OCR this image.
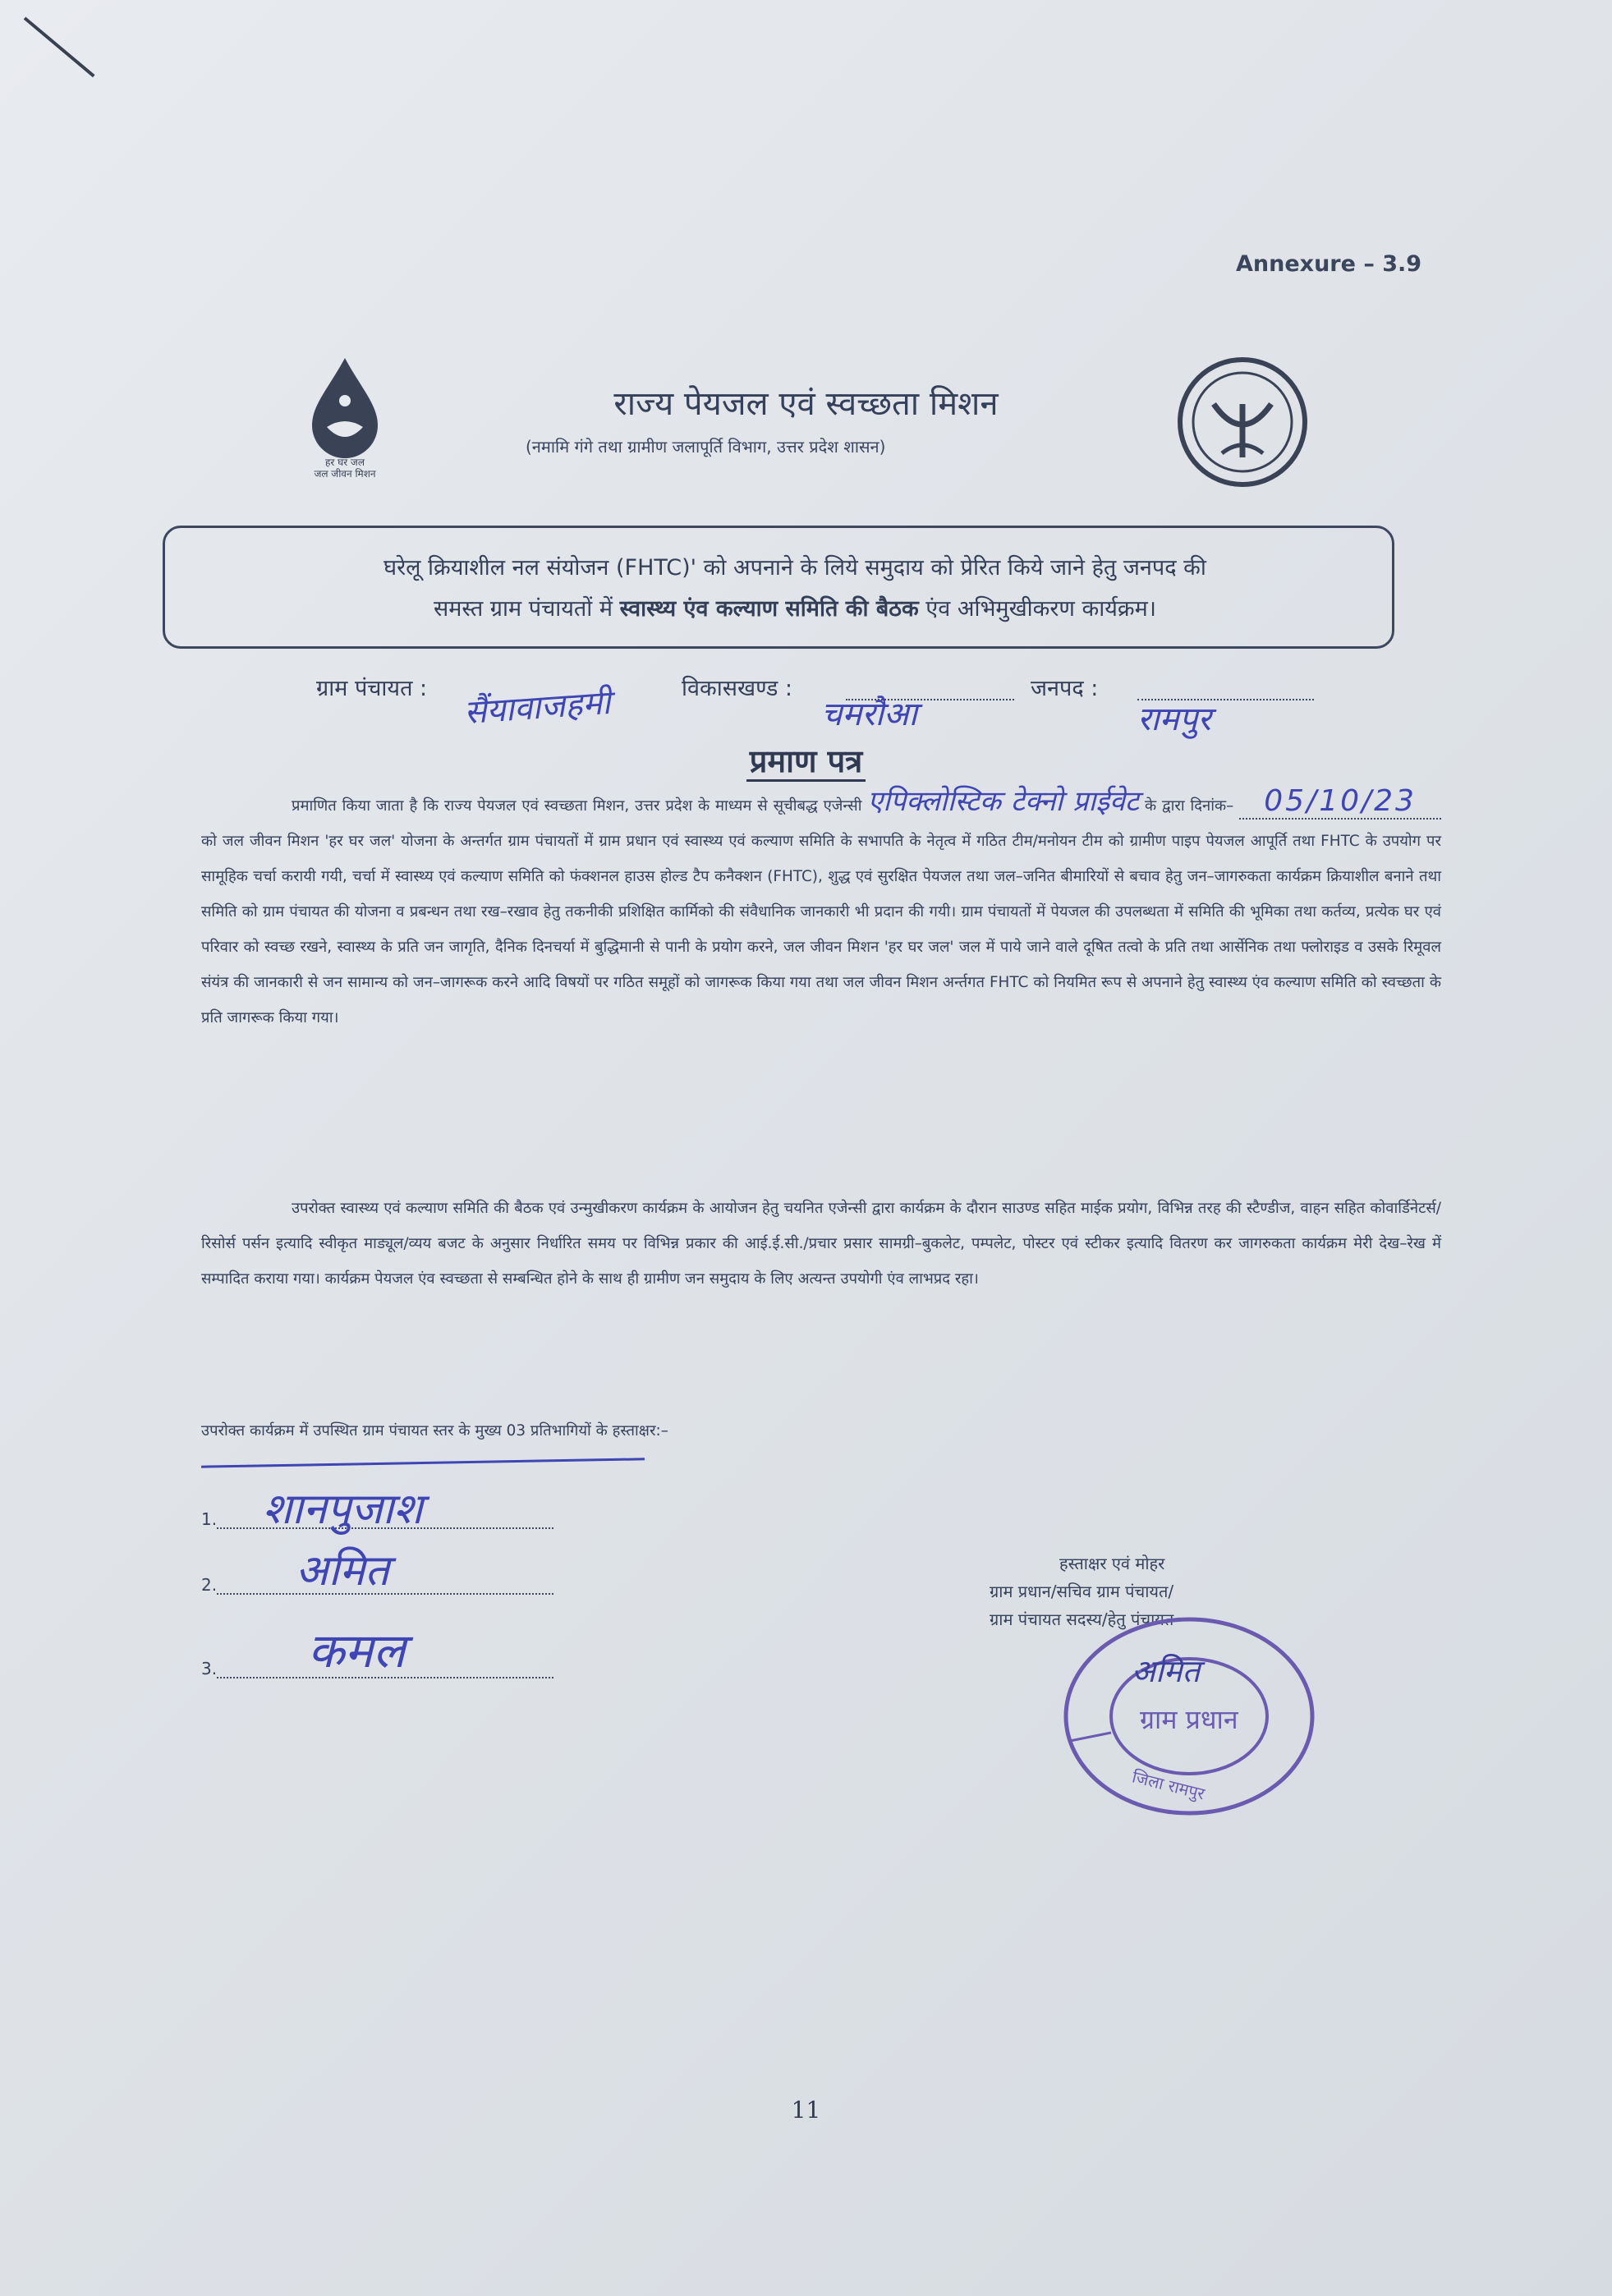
Annexure – 3.9
हर घर जल
जल जीवन मिशन
राज्य पेयजल एवं स्वच्छता मिशन
(नमामि गंगे तथा ग्रामीण जलापूर्ति विभाग, उत्तर प्रदेश शासन)
घरेलू क्रियाशील नल संयोजन (FHTC)' को अपनाने के लिये समुदाय को प्रेरित किये जाने हेतु जनपद की
समस्त ग्राम पंचायतों में स्वास्थ्य एंव कल्याण समिति की बैठक एंव अभिमुखीकरण कार्यक्रम।
ग्राम पंचायत :	विकासखण्ड :	जनपद :
सैंयावाजहमी	चमरौआ	रामपुर
प्रमाण पत्र
प्रमाणित किया जाता है कि राज्य पेयजल एवं स्वच्छता मिशन, उत्तर प्रदेश के माध्यम से सूचीबद्ध एजेन्सी एपिक्लोस्टिक टेक्नो प्राईवेट के द्वारा दिनांक– 05/10/23 को जल जीवन मिशन 'हर घर जल' योजना के अन्तर्गत ग्राम पंचायतों में ग्राम प्रधान एवं स्वास्थ्य एवं कल्याण समिति के सभापति के नेतृत्व में गठित टीम/मनोयन टीम को ग्रामीण पाइप पेयजल आपूर्ति तथा FHTC के उपयोग पर सामूहिक चर्चा करायी गयी, चर्चा में स्वास्थ्य एवं कल्याण समिति को फंक्शनल हाउस होल्ड टैप कनैक्शन (FHTC), शुद्ध एवं सुरक्षित पेयजल तथा जल–जनित बीमारियों से बचाव हेतु जन–जागरुकता कार्यक्रम क्रियाशील बनाने तथा समिति को ग्राम पंचायत की योजना व प्रबन्धन तथा रख–रखाव हेतु तकनीकी प्रशिक्षित कार्मिको की संवैधानिक जानकारी भी प्रदान की गयी। ग्राम पंचायतों में पेयजल की उपलब्धता में समिति की भूमिका तथा कर्तव्य, प्रत्येक घर एवं परिवार को स्वच्छ रखने, स्वास्थ्य के प्रति जन जागृति, दैनिक दिनचर्या में बुद्धिमानी से पानी के प्रयोग करने, जल जीवन मिशन 'हर घर जल' जल में पाये जाने वाले दूषित तत्वो के प्रति तथा आर्सेनिक तथा फ्लोराइड व उसके रिमूवल संयंत्र की जानकारी से जन सामान्य को जन–जागरूक करने आदि विषयों पर गठित समूहों को जागरूक किया गया तथा जल जीवन मिशन अर्न्तगत FHTC को नियमित रूप से अपनाने हेतु स्वास्थ्य एंव कल्याण समिति को स्वच्छता के प्रति जागरूक किया गया।
उपरोक्त स्वास्थ्य एवं कल्याण समिति की बैठक एवं उन्मुखीकरण कार्यक्रम के आयोजन हेतु चयनित एजेन्सी द्वारा कार्यक्रम के दौरान साउण्ड सहित माईक प्रयोग, विभिन्न तरह की स्टैण्डीज, वाहन सहित कोवार्डिनेटर्स/रिसोर्स पर्सन इत्यादि स्वीकृत माड्यूल/व्यय बजट के अनुसार निर्धारित समय पर विभिन्न प्रकार की आई.ई.सी./प्रचार प्रसार सामग्री–बुकलेट, पम्पलेट, पोस्टर एवं स्टीकर इत्यादि वितरण कर जागरुकता कार्यक्रम मेरी देख–रेख में सम्पादित कराया गया। कार्यक्रम पेयजल एंव स्वच्छता से सम्बन्धित होने के साथ ही ग्रामीण जन समुदाय के लिए अत्यन्त उपयोगी एंव लाभप्रद रहा।
उपरोक्त कार्यक्रम में उपस्थित ग्राम पंचायत स्तर के मुख्य 03 प्रतिभागियों के हस्ताक्षर:–
1.	शानपुजाश
2.	अमित
3.	कमल
हस्ताक्षर एवं मोहर
ग्राम प्रधान/सचिव ग्राम पंचायत/
ग्राम पंचायत सदस्य/हेतु पंचायत
अमित
ग्राम प्रधान
जिला रामपुर
11
